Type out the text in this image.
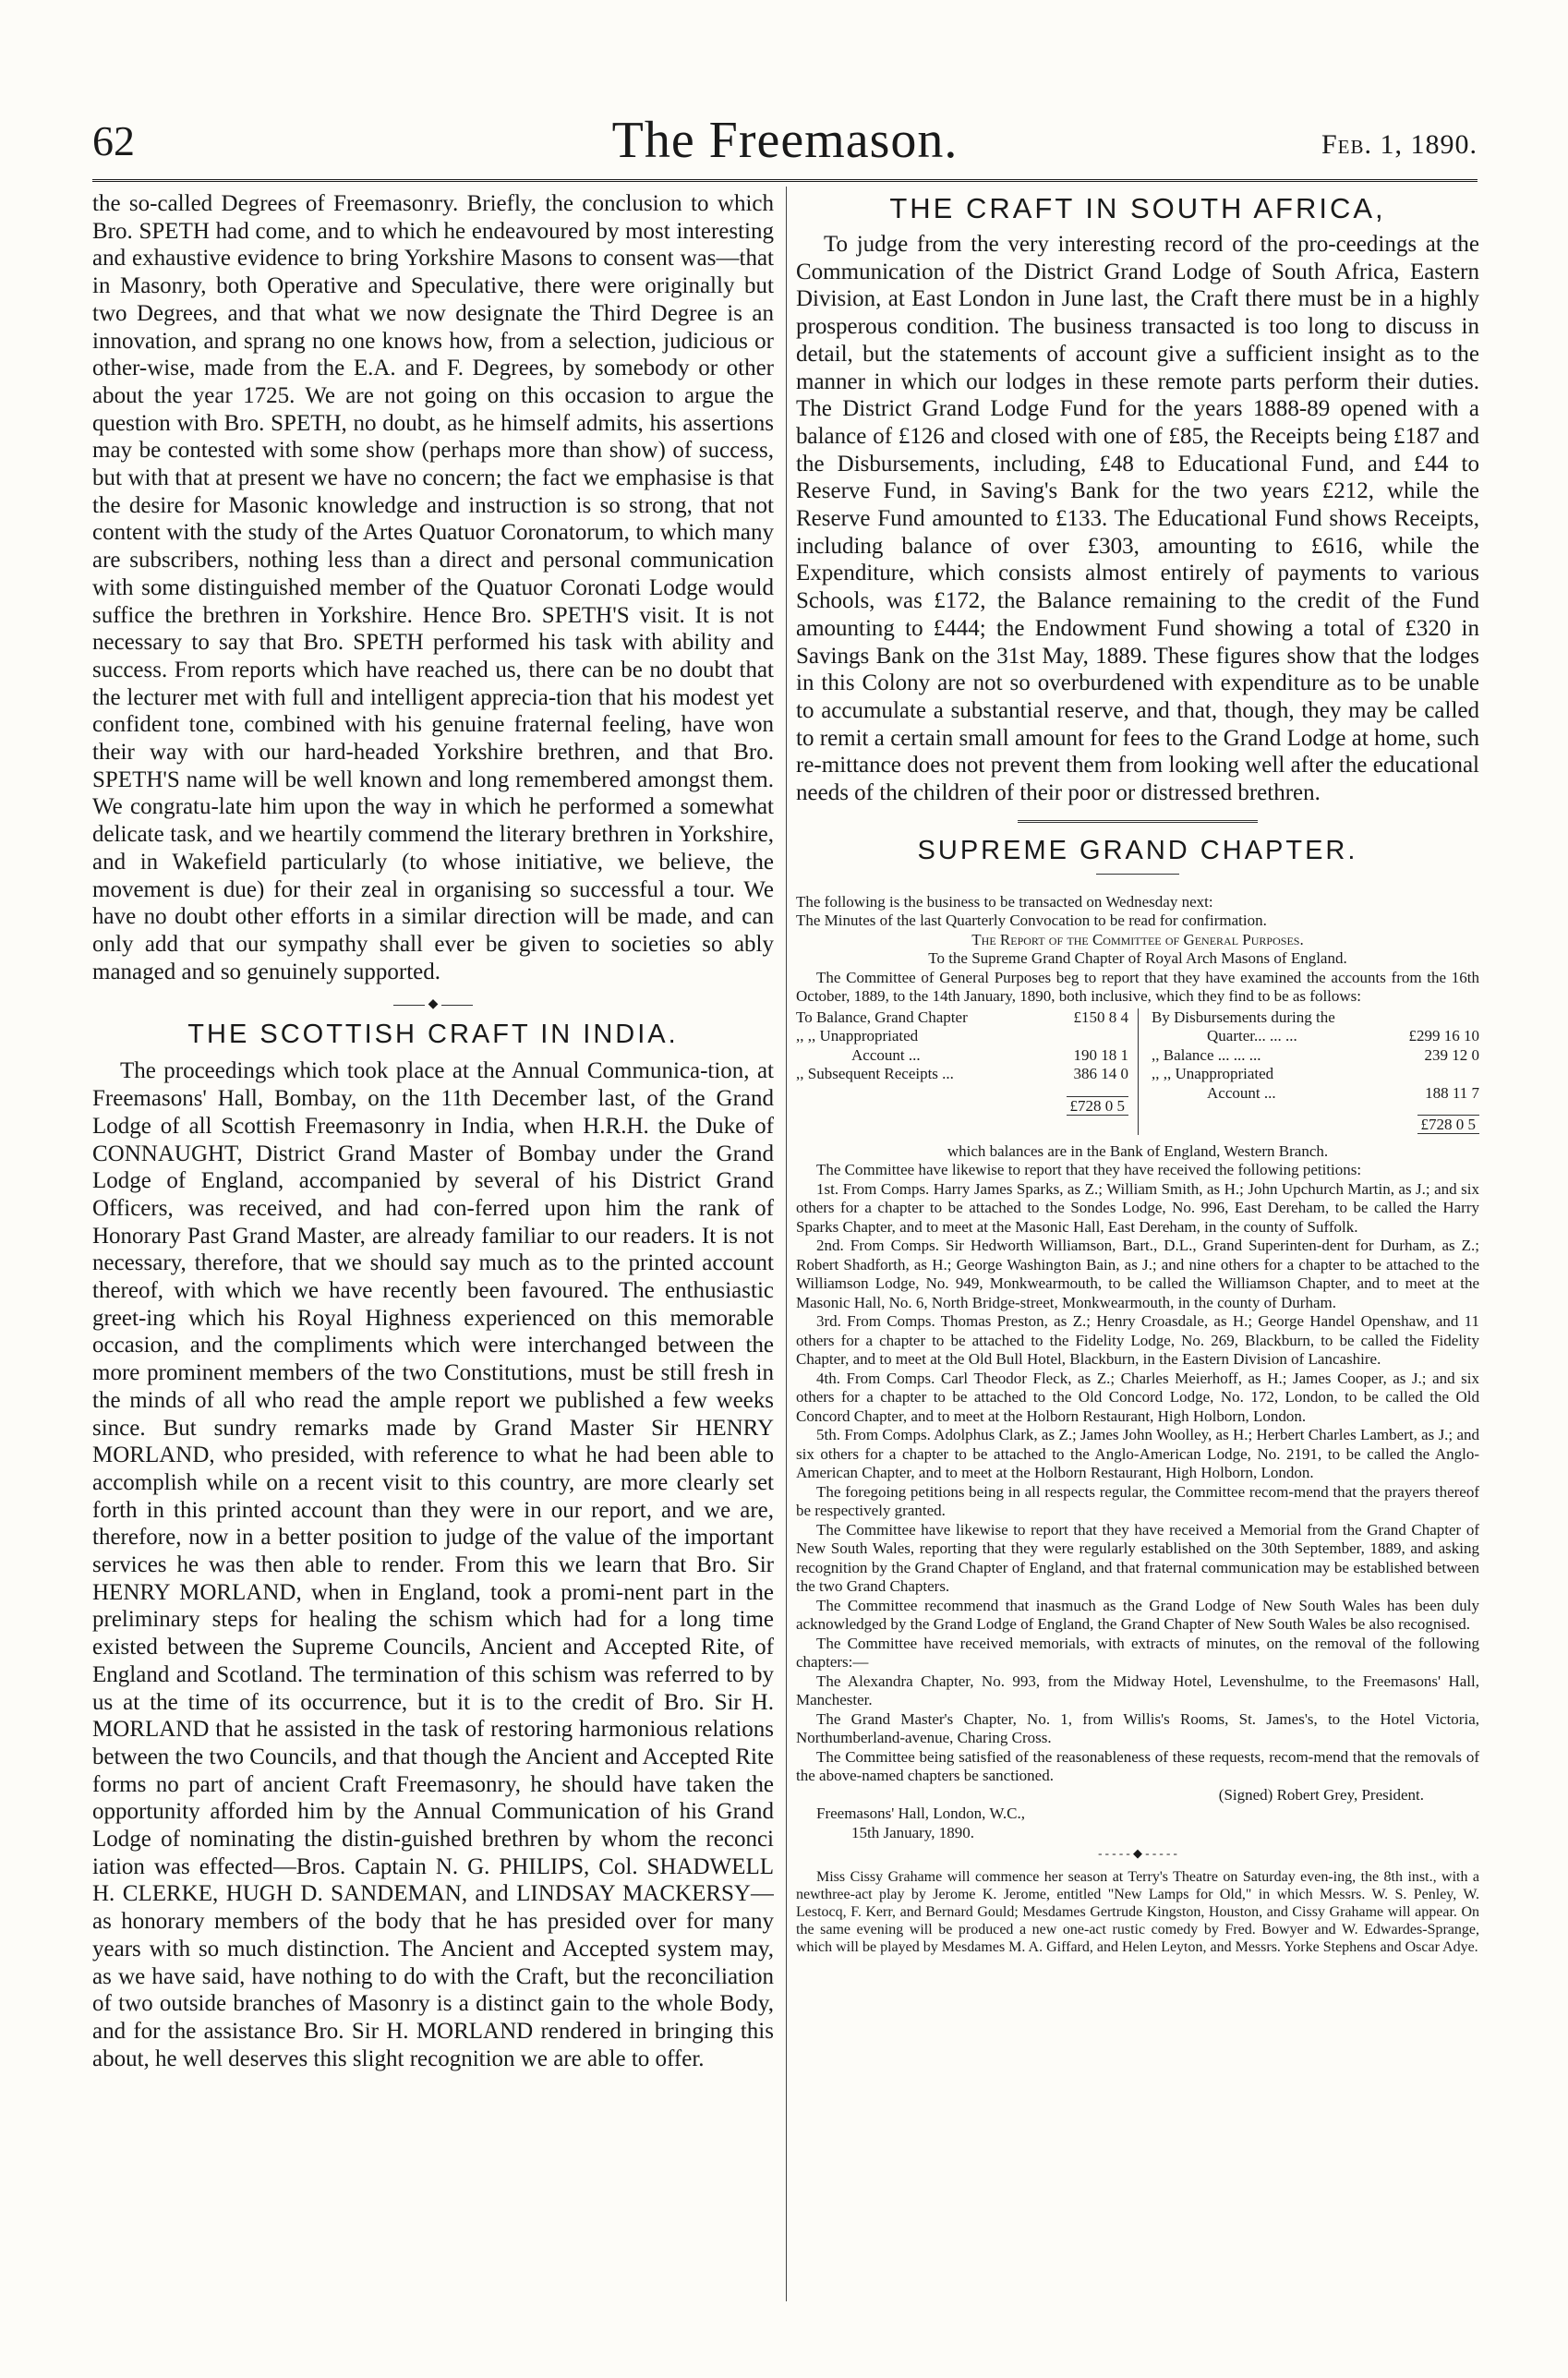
62	The Freemason.	Feb. 1, 1890.

the so-called Degrees of Freemasonry. Briefly, the conclusion to which Bro. SPETH had come, and to which he endeavoured by most interesting and exhaustive evidence to bring Yorkshire Masons to consent was—that in Masonry, both Operative and Speculative, there were originally but two Degrees, and that what we now designate the Third Degree is an innovation, and sprang no one knows how, from a selection, judicious or other-wise, made from the E.A. and F. Degrees, by somebody or other about the year 1725. We are not going on this occasion to argue the question with Bro. SPETH, no doubt, as he himself admits, his assertions may be contested with some show (perhaps more than show) of success, but with that at present we have no concern; the fact we emphasise is that the desire for Masonic knowledge and instruction is so strong, that not content with the study of the Artes Quatuor Coronatorum, to which many are subscribers, nothing less than a direct and personal communication with some distinguished member of the Quatuor Coronati Lodge would suffice the brethren in Yorkshire. Hence Bro. SPETH'S visit. It is not necessary to say that Bro. SPETH performed his task with ability and success. From reports which have reached us, there can be no doubt that the lecturer met with full and intelligent apprecia-tion that his modest yet confident tone, combined with his genuine fraternal feeling, have won their way with our hard-headed Yorkshire brethren, and that Bro. SPETH'S name will be well known and long remembered amongst them. We congratu-late him upon the way in which he performed a somewhat delicate task, and we heartily commend the literary brethren in Yorkshire, and in Wakefield particularly (to whose initiative, we believe, the movement is due) for their zeal in organising so successful a tour. We have no doubt other efforts in a similar direction will be made, and can only add that our sympathy shall ever be given to societies so ably managed and so genuinely supported.

◆
THE SCOTTISH CRAFT IN INDIA.

The proceedings which took place at the Annual Communica-tion, at Freemasons' Hall, Bombay, on the 11th December last, of the Grand Lodge of all Scottish Freemasonry in India, when H.R.H. the Duke of CONNAUGHT, District Grand Master of Bombay under the Grand Lodge of England, accompanied by several of his District Grand Officers, was received, and had con-ferred upon him the rank of Honorary Past Grand Master, are already familiar to our readers. It is not necessary, therefore, that we should say much as to the printed account thereof, with which we have recently been favoured. The enthusiastic greet-ing which his Royal Highness experienced on this memorable occasion, and the compliments which were interchanged between the more prominent members of the two Constitutions, must be still fresh in the minds of all who read the ample report we published a few weeks since. But sundry remarks made by Grand Master Sir HENRY MORLAND, who presided, with reference to what he had been able to accomplish while on a recent visit to this country, are more clearly set forth in this printed account than they were in our report, and we are, therefore, now in a better position to judge of the value of the important services he was then able to render. From this we learn that Bro. Sir HENRY MORLAND, when in England, took a promi-nent part in the preliminary steps for healing the schism which had for a long time existed between the Supreme Councils, Ancient and Accepted Rite, of England and Scotland. The termination of this schism was referred to by us at the time of its occurrence, but it is to the credit of Bro. Sir H. MORLAND that he assisted in the task of restoring harmonious relations between the two Councils, and that though the Ancient and Accepted Rite forms no part of ancient Craft Freemasonry, he should have taken the opportunity afforded him by the Annual Communication of his Grand Lodge of nominating the distin-guished brethren by whom the reconci iation was effected—Bros. Captain N. G. PHILIPS, Col. SHADWELL H. CLERKE, HUGH D. SANDEMAN, and LINDSAY MACKERSY—as honorary members of the body that he has presided over for many years with so much distinction. The Ancient and Accepted system may, as we have said, have nothing to do with the Craft, but the reconciliation of two outside branches of Masonry is a distinct gain to the whole Body, and for the assistance Bro. Sir H. MORLAND rendered in bringing this about, he well deserves this slight recognition we are able to offer.

THE CRAFT IN SOUTH AFRICA,

To judge from the very interesting record of the pro-ceedings at the Communication of the District Grand Lodge of South Africa, Eastern Division, at East London in June last, the Craft there must be in a highly prosperous condition. The business transacted is too long to discuss in detail, but the statements of account give a sufficient insight as to the manner in which our lodges in these remote parts perform their duties. The District Grand Lodge Fund for the years 1888-89 opened with a balance of £126 and closed with one of £85, the Receipts being £187 and the Disbursements, including, £48 to Educational Fund, and £44 to Reserve Fund, in Saving's Bank for the two years £212, while the Reserve Fund amounted to £133. The Educational Fund shows Receipts, including balance of over £303, amounting to £616, while the Expenditure, which consists almost entirely of payments to various Schools, was £172, the Balance remaining to the credit of the Fund amounting to £444; the Endowment Fund showing a total of £320 in Savings Bank on the 31st May, 1889. These figures show that the lodges in this Colony are not so overburdened with expenditure as to be unable to accumulate a substantial reserve, and that, though, they may be called to remit a certain small amount for fees to the Grand Lodge at home, such re-mittance does not prevent them from looking well after the educational needs of the children of their poor or distressed brethren.

SUPREME GRAND CHAPTER.

The following is the business to be transacted on Wednesday next:

The Minutes of the last Quarterly Convocation to be read for confirmation.

The Report of the Committee of General Purposes.

To the Supreme Grand Chapter of Royal Arch Masons of England.

The Committee of General Purposes beg to report that they have examined the accounts from the 16th October, 1889, to the 14th January, 1890, both inclusive, which they find to be as follows:

To Balance, Grand Chapter	£150 8 4
,, ,, Unappropriated
Account ...	190 18 1
,, Subsequent Receipts ...	386 14 0
£728 0 5
By Disbursements during the
Quarter... ... ...	£299 16 10
,, Balance ... ... ...	239 12 0
,, ,, Unappropriated
Account ...	188 11 7
£728 0 5

which balances are in the Bank of England, Western Branch.

The Committee have likewise to report that they have received the following petitions:

1st. From Comps. Harry James Sparks, as Z.; William Smith, as H.; John Upchurch Martin, as J.; and six others for a chapter to be attached to the Sondes Lodge, No. 996, East Dereham, to be called the Harry Sparks Chapter, and to meet at the Masonic Hall, East Dereham, in the county of Suffolk.

2nd. From Comps. Sir Hedworth Williamson, Bart., D.L., Grand Superinten-dent for Durham, as Z.; Robert Shadforth, as H.; George Washington Bain, as J.; and nine others for a chapter to be attached to the Williamson Lodge, No. 949, Monkwearmouth, to be called the Williamson Chapter, and to meet at the Masonic Hall, No. 6, North Bridge-street, Monkwearmouth, in the county of Durham.

3rd. From Comps. Thomas Preston, as Z.; Henry Croasdale, as H.; George Handel Openshaw, and 11 others for a chapter to be attached to the Fidelity Lodge, No. 269, Blackburn, to be called the Fidelity Chapter, and to meet at the Old Bull Hotel, Blackburn, in the Eastern Division of Lancashire.

4th. From Comps. Carl Theodor Fleck, as Z.; Charles Meierhoff, as H.; James Cooper, as J.; and six others for a chapter to be attached to the Old Concord Lodge, No. 172, London, to be called the Old Concord Chapter, and to meet at the Holborn Restaurant, High Holborn, London.

5th. From Comps. Adolphus Clark, as Z.; James John Woolley, as H.; Herbert Charles Lambert, as J.; and six others for a chapter to be attached to the Anglo-American Lodge, No. 2191, to be called the Anglo-American Chapter, and to meet at the Holborn Restaurant, High Holborn, London.

The foregoing petitions being in all respects regular, the Committee recom-mend that the prayers thereof be respectively granted.

The Committee have likewise to report that they have received a Memorial from the Grand Chapter of New South Wales, reporting that they were regularly established on the 30th September, 1889, and asking recognition by the Grand Chapter of England, and that fraternal communication may be established between the two Grand Chapters.

The Committee recommend that inasmuch as the Grand Lodge of New South Wales has been duly acknowledged by the Grand Lodge of England, the Grand Chapter of New South Wales be also recognised.

The Committee have received memorials, with extracts of minutes, on the removal of the following chapters:—

The Alexandra Chapter, No. 993, from the Midway Hotel, Levenshulme, to the Freemasons' Hall, Manchester.

The Grand Master's Chapter, No. 1, from Willis's Rooms, St. James's, to the Hotel Victoria, Northumberland-avenue, Charing Cross.

The Committee being satisfied of the reasonableness of these requests, recom-mend that the removals of the above-named chapters be sanctioned.

(Signed) Robert Grey, President.

Freemasons' Hall, London, W.C.,

15th January, 1890.

- - - - - ◆ - - - - -

Miss Cissy Grahame will commence her season at Terry's Theatre on Saturday even-ing, the 8th inst., with a newthree-act play by Jerome K. Jerome, entitled "New Lamps for Old," in which Messrs. W. S. Penley, W. Lestocq, F. Kerr, and Bernard Gould; Mesdames Gertrude Kingston, Houston, and Cissy Grahame will appear. On the same evening will be produced a new one-act rustic comedy by Fred. Bowyer and W. Edwardes-Sprange, which will be played by Mesdames M. A. Giffard, and Helen Leyton, and Messrs. Yorke Stephens and Oscar Adye.
